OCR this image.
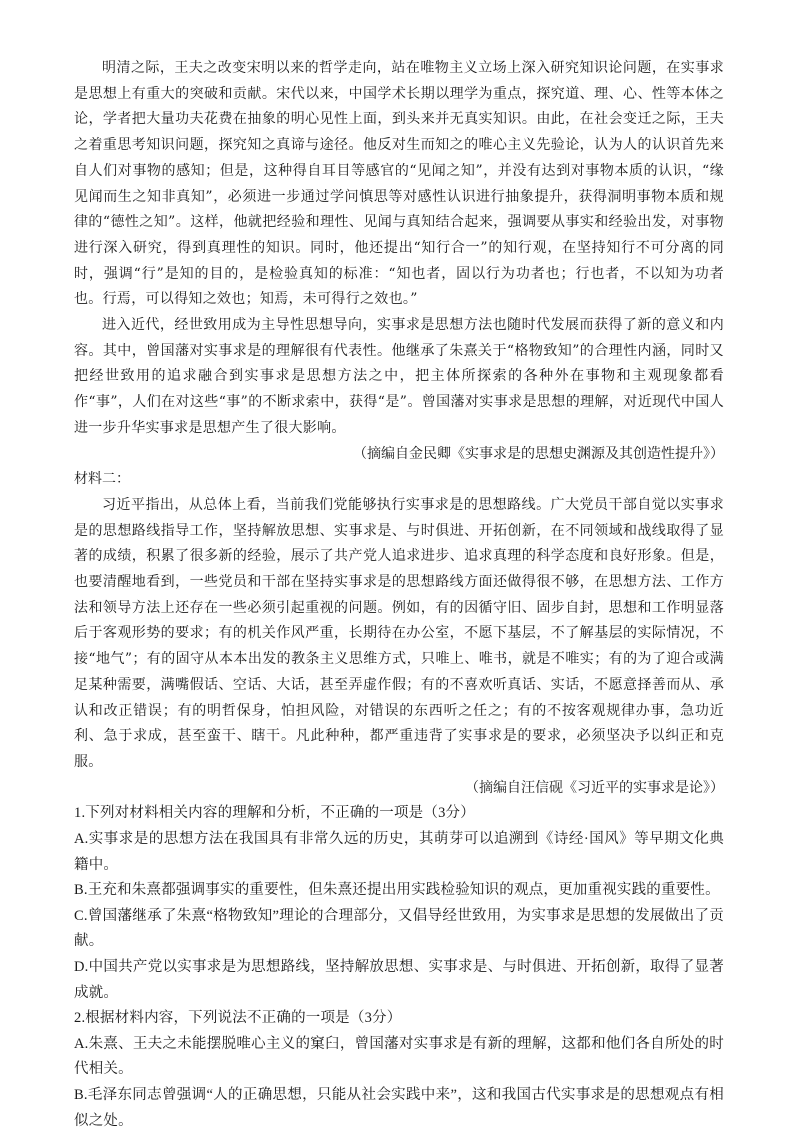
明清之际，王夫之改变宋明以来的哲学走向，站在唯物主义立场上深入研究知识论问题，在实事求是思想上有重大的突破和贡献。宋代以来，中国学术长期以理学为重点，探究道、理、心、性等本体之论，学者把大量功夫花费在抽象的明心见性上面，到头来并无真实知识。由此，在社会变迁之际，王夫之着重思考知识问题，探究知之真谛与途径。他反对生而知之的唯心主义先验论，认为人的认识首先来自人们对事物的感知；但是，这种得自耳目等感官的“见闻之知”，并没有达到对事物本质的认识，“缘见闻而生之知非真知”，必须进一步通过学问慎思等对感性认识进行抽象提升，获得洞明事物本质和规律的“德性之知”。这样，他就把经验和理性、见闻与真知结合起来，强调要从事实和经验出发，对事物进行深入研究，得到真理性的知识。同时，他还提出“知行合一”的知行观，在坚持知行不可分离的同时，强调“行”是知的目的，是检验真知的标准：“知也者，固以行为功者也；行也者，不以知为功者也。行焉，可以得知之效也；知焉，未可得行之效也。”

进入近代，经世致用成为主导性思想导向，实事求是思想方法也随时代发展而获得了新的意义和内容。其中，曾国藩对实事求是的理解很有代表性。他继承了朱熹关于“格物致知”的合理性内涵，同时又把经世致用的追求融合到实事求是思想方法之中，把主体所探索的各种外在事物和主观现象都看作“事”，人们在对这些“事”的不断求索中，获得“是”。曾国藩对实事求是思想的理解，对近现代中国人进一步升华实事求是思想产生了很大影响。

（摘编自金民卿《实事求是的思想史渊源及其创造性提升》）

材料二：

习近平指出，从总体上看，当前我们党能够执行实事求是的思想路线。广大党员干部自觉以实事求是的思想路线指导工作，坚持解放思想、实事求是、与时俱进、开拓创新，在不同领域和战线取得了显著的成绩，积累了很多新的经验，展示了共产党人追求进步、追求真理的科学态度和良好形象。但是，也要清醒地看到，一些党员和干部在坚持实事求是的思想路线方面还做得很不够，在思想方法、工作方法和领导方法上还存在一些必须引起重视的问题。例如，有的因循守旧、固步自封，思想和工作明显落后于客观形势的要求；有的机关作风严重，长期待在办公室，不愿下基层，不了解基层的实际情况，不接“地气”；有的固守从本本出发的教条主义思维方式，只唯上、唯书，就是不唯实；有的为了迎合或满足某种需要，满嘴假话、空话、大话，甚至弄虚作假；有的不喜欢听真话、实话，不愿意择善而从、承认和改正错误；有的明哲保身，怕担风险，对错误的东西听之任之；有的不按客观规律办事，急功近利、急于求成，甚至蛮干、瞎干。凡此种种，都严重违背了实事求是的要求，必须坚决予以纠正和克服。

（摘编自汪信砚《习近平的实事求是论》）

1.下列对材料相关内容的理解和分析，不正确的一项是（3分）

A.实事求是的思想方法在我国具有非常久远的历史，其萌芽可以追溯到《诗经·国风》等早期文化典籍中。

B.王充和朱熹都强调事实的重要性，但朱熹还提出用实践检验知识的观点，更加重视实践的重要性。

C.曾国藩继承了朱熹“格物致知”理论的合理部分，又倡导经世致用，为实事求是思想的发展做出了贡献。

D.中国共产党以实事求是为思想路线，坚持解放思想、实事求是、与时俱进、开拓创新，取得了显著成就。

2.根据材料内容，下列说法不正确的一项是（3分）

A.朱熹、王夫之未能摆脱唯心主义的窠臼，曾国藩对实事求是有新的理解，这都和他们各自所处的时代相关。

B.毛泽东同志曾强调“人的正确思想，只能从社会实践中来”，这和我国古代实事求是的思想观点有相似之处。
